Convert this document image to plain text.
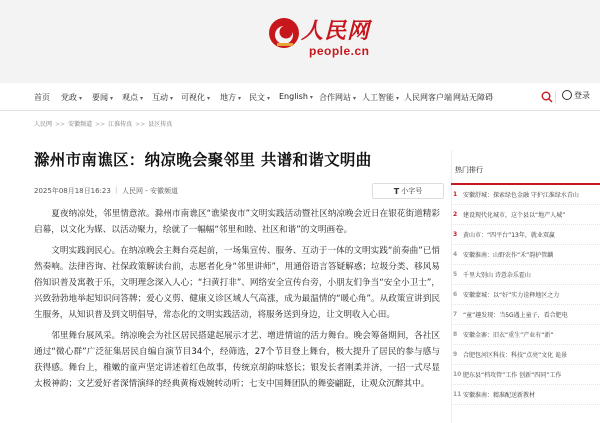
人民网
people.cn
首页 党政 ▾ 要闻 ▾ 观点 ▾ 互动 ▾ 可视化 ▾ 地方 ▾ 民文 ▾ English ▾ 合作网站 ▾ 人工智能 ▾ 人民网客户端 网站无障碍	登录
人民网 >> 安徽频道 >> 江淮传真 >> 县区传真
滁州市南谯区：纳凉晚会聚邻里 共谱和谐文明曲
2025年08月18日16:23 | 人民网 - 安徽频道	T 小字号

夏夜纳凉处，邻里情意浓。滁州市南谯区“谯梁夜市”文明实践活动暨社区纳凉晚会近日在银花街道精彩启幕，以文化为媒、以活动聚力，绘就了一幅幅“邻里和睦、社区和谐”的文明画卷。

文明实践润民心。在纳凉晚会主舞台亮起前，一场集宣传、服务、互动于一体的文明实践“前奏曲”已悄然奏响。法律咨询、社保政策解读台前，志愿者化身“邻里讲师”，用通俗语言答疑解惑；垃圾分类、移风易俗知识普及寓教于乐，文明理念深入人心；“扫黄打非”、网络安全宣传台旁，小朋友们争当“安全小卫士”，兴致勃勃地举起知识问答牌；爱心义剪、健康义诊区域人气高涨，成为最温情的“暖心角”。从政策宣讲到民生服务，从知识普及到文明倡导，常态化的文明实践活动，将服务送到身边，让文明收入心田。

邻里舞台展风采。纳凉晚会为社区居民搭建起展示才艺、增进情谊的活力舞台。晚会筹备期间，各社区通过“微心群”广泛征集居民自编自演节目34个，经筛选，27个节目登上舞台，极大提升了居民的参与感与获得感。舞台上，稚嫩的童声坚定讲述着红色故事，传统京胡韵味悠长；银发长者刚柔并济，一招一式尽显太极神韵；文艺爱好者深情演绎的经典黄梅戏婉转动听；七支中国舞团队的舞姿翩跹，让观众沉醉其中。

热门排行
1 安徽舒城：探索绿色金融 守护江淮绿水青山
2 建设现代化城市，这个县以“地产人城”
3 黄山市：“四平台”13年，就业双赢
4 安徽淮南：山野农作“禾”韵护管麟
5 千里大别山 诗意杂乐霍山
6 安徽蒙城：以“好”实力诠释地区之力
7 “童”趣发现：当5G遇上童子，看合肥电
8 安徽金寨：旧衣“重生”产业有“新”
9 合肥包河区科技：科技“点亮”文化 诡景
10 肥东县“档攻管”工作 创新“四同”工作
11 安徽淮南：精准配送新教材
